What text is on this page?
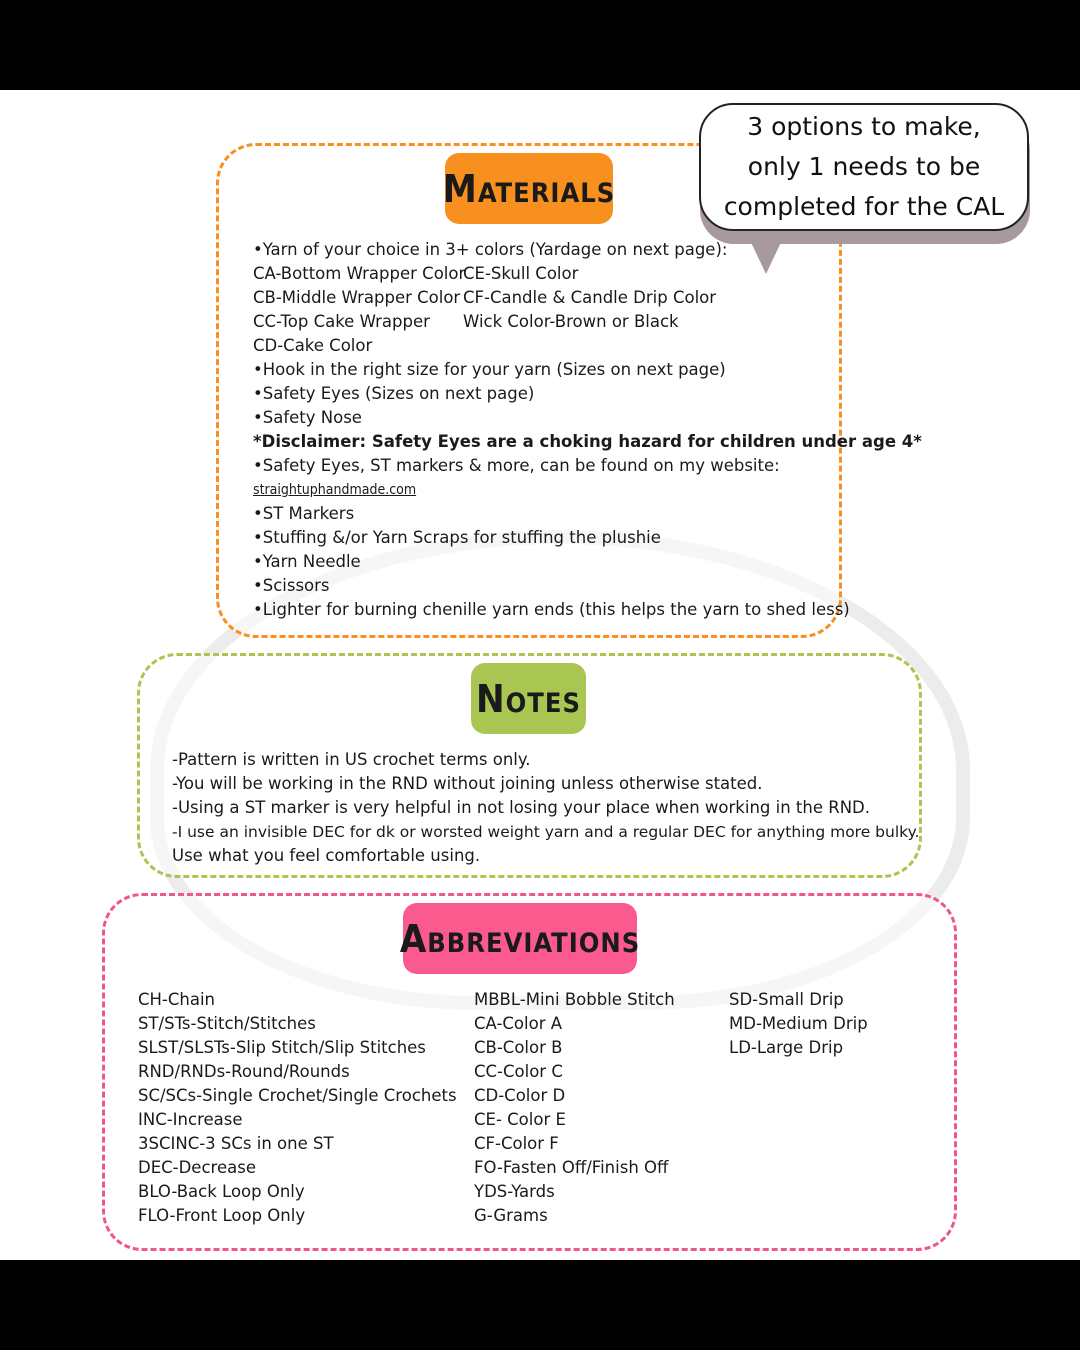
Materials
•Yarn of your choice in 3+ colors (Yardage on next page):
CA-Bottom Wrapper Color
CB-Middle Wrapper Color
CC-Top Cake Wrapper
CD-Cake Color
•Hook in the right size for your yarn (Sizes on next page)
•Safety Eyes (Sizes on next page)
•Safety Nose
*Disclaimer: Safety Eyes are a choking hazard for children under age 4*
•Safety Eyes, ST markers & more, can be found on my website:
straightuphandmade.com
•ST Markers
•Stuffing &/or Yarn Scraps for stuffing the plushie
•Yarn Needle
•Scissors
•Lighter for burning chenille yarn ends (this helps the yarn to shed less)
CE-Skull Color
CF-Candle & Candle Drip Color
Wick Color-Brown or Black
3 options to make,
only 1 needs to be
completed for the CAL
Notes
-Pattern is written in US crochet terms only.
-You will be working in the RND without joining unless otherwise stated.
-Using a ST marker is very helpful in not losing your place when working in the RND.
-I use an invisible DEC for dk or worsted weight yarn and a regular DEC for anything more bulky.
Use what you feel comfortable using.
Abbreviations
CH-Chain
ST/STs-Stitch/Stitches
SLST/SLSTs-Slip Stitch/Slip Stitches
RND/RNDs-Round/Rounds
SC/SCs-Single Crochet/Single Crochets
INC-Increase
3SCINC-3 SCs in one ST
DEC-Decrease
BLO-Back Loop Only
FLO-Front Loop Only
MBBL-Mini Bobble Stitch
CA-Color A
CB-Color B
CC-Color C
CD-Color D
CE- Color E
CF-Color F
FO-Fasten Off/Finish Off
YDS-Yards
G-Grams
SD-Small Drip
MD-Medium Drip
LD-Large Drip
